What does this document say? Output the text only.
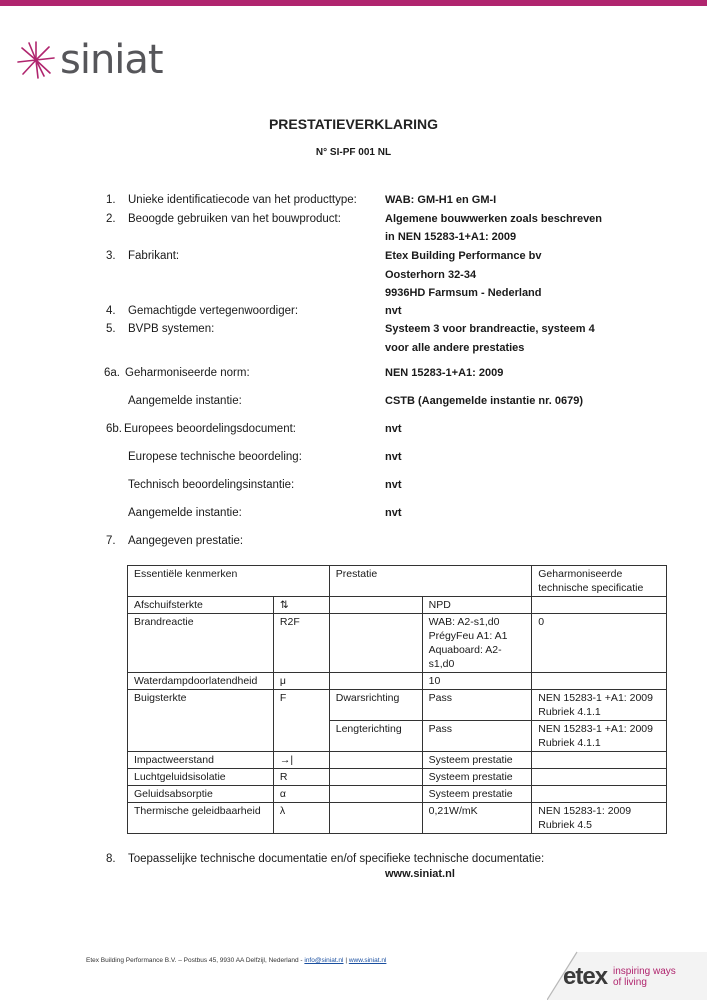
siniat
PRESTATIEVERKLARING
N° SI-PF 001 NL
1. Unieke identificatiecode van het producttype:	WAB: GM-H1 en GM-I
2. Beoogde gebruiken van het bouwproduct:	Algemene bouwwerken zoals beschreven
in NEN 15283-1+A1: 2009
3. Fabrikant:	Etex Building Performance bv
Oosterhorn 32-34
9936HD Farmsum - Nederland
4. Gemachtigde vertegenwoordiger:	nvt
5. BVPB systemen:	Systeem 3 voor brandreactie, systeem 4
voor alle andere prestaties
6a. Geharmoniseerde norm:	NEN 15283-1+A1: 2009
Aangemelde instantie:	CSTB (Aangemelde instantie nr. 0679)
6b. Europees beoordelingsdocument:	nvt
Europese technische beoordeling:	nvt
Technisch beoordelingsinstantie:	nvt
Aangemelde instantie:	nvt
7. Aangegeven prestatie:
Essentiële kenmerken		Prestatie		Geharmoniseerde technische specificatie
Afschuifsterkte	⇅		NPD	
Brandreactie	R2F		WAB: A2-s1,d0 PrégyFeu A1: A1 Aquaboard: A2-s1,d0	0
Waterdampdoorlatendheid	μ		10	
Buigsterkte	F	Dwarsrichting	Pass	NEN 15283-1 +A1: 2009 Rubriek 4.1.1
		Lengterichting	Pass	NEN 15283-1 +A1: 2009 Rubriek 4.1.1
Impactweerstand	→|		Systeem prestatie	
Luchtgeluidsisolatie	R		Systeem prestatie	
Geluidsabsorptie	α		Systeem prestatie	
Thermische geleidbaarheid	λ		0,21W/mK	NEN 15283-1: 2009 Rubriek 4.5
8. Toepasselijke technische documentatie en/of specifieke technische documentatie:
www.siniat.nl
Etex Building Performance B.V. – Postbus 45, 9930 AA Delfzijl, Nederland - info@siniat.nl | www.siniat.nl
etex inspiring ways
of living
